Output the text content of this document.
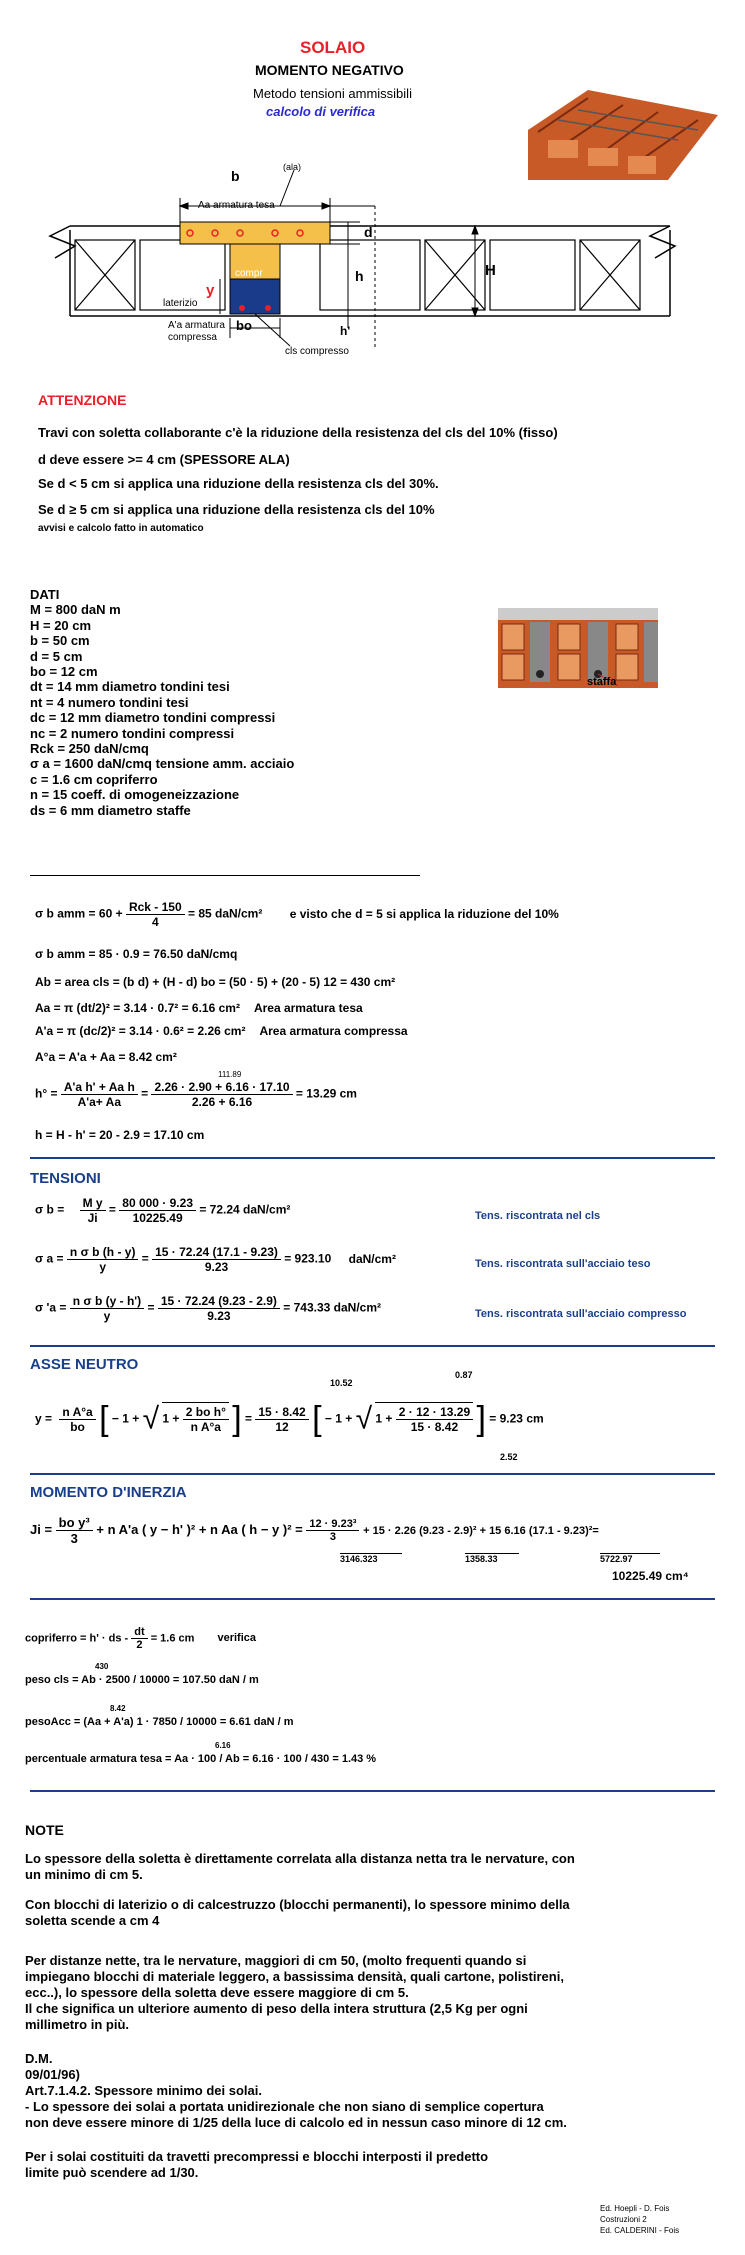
SOLAIO
MOMENTO NEGATIVO
Metodo tensioni ammissibili
calcolo di verifica
compr
b
(ala)
Aa armatura tesa
d
h	H
y
laterizio
A'a armatura
compressa
bo	h'
cls compresso
ATTENZIONE
Travi con soletta collaborante c'è la riduzione della resistenza del cls del 10% (fisso)
d deve essere >= 4 cm (SPESSORE ALA)
Se d < 5 cm si applica una riduzione della resistenza cls del 30%.
Se d ≥ 5 cm si applica una riduzione della resistenza cls del 10%
avvisi e calcolo fatto in automatico
DATI
M = 800 daN m
H = 20 cm
b = 50 cm
d = 5 cm
bo = 12 cm
dt = 14 mm diametro tondini tesi
nt = 4 numero tondini tesi
dc = 12 mm diametro tondini compressi
nc = 2 numero tondini compressi
Rck = 250 daN/cmq
σ a = 1600 daN/cmq tensione amm. acciaio
c = 1.6 cm copriferro
n = 15 coeff. di omogeneizzazione
ds = 6 mm diametro staffe
staffa
σ b amm = $60 + \frac{\text{Rck - 150}}{4} = 85$ daN/cm² e visto che d = 5 si applica la riduzione del 10%
σ b amm = 85 · 0.9 = 76.50 daN/cmq
Ab = area cls = (b d) + (H - d) bo = (50 · 5) + (20 - 5) 12 = 430 cm²
Aa = π (dt/2)² = 3.14 · 0.7² = 6.16 cm² Area armatura tesa
A'a = π (dc/2)² = 3.14 · 0.6² = 2.26 cm² Area armatura compressa
A°a = A'a + Aa = 8.42 cm²
$h^\circ = \frac{\text{A'a h' + Aa h}}{A'a+ Aa} = \frac{2.26 \cdot 2.90 + 6.16 \cdot 17.10}{2.26 + 6.16} = 13.29$ cm
111.89
h = H - h' = 20 - 2.9 = 17.10 cm
TENSIONI
σ $b = \frac{\text{M y}}{Ji} = \frac{80 000 \cdot 9.23}{10225.49} = 72.24$ daN/cm²	Tens. riscontrata nel cls
σ $a = \frac{\text{n σ b (h - y)}}{y} = \frac{15 \cdot 72.24 (17.1 - 9.23)}{9.23} = 923.10$ daN/cm²	Tens. riscontrata sull'acciaio teso
σ '$a = \frac{\text{n σ b (y - h')}}{y} = \frac{15 \cdot 72.24 (9.23 - 2.9)}{9.23} = 743.33$ daN/cm²	Tens. riscontrata sull'acciaio compresso
ASSE NEUTRO
$y = \frac{\text{n A°a}}{bo}$ [ − 1 + √ $1 + \frac{\text{2 bo h°}}{\text{n A°a}}$ ] = $\frac{15 \cdot 8.42}{12}$ [ − 1 + √ $1 + \frac{2 \cdot 12 \cdot 13.29}{15 \cdot 8.42}$ ] = 9.23 cm
10.52
0.87
2.52
MOMENTO D'INERZIA
$Ji = \frac{\text{bo y³}}{3} + n$ A'a ( y − h' )² + n Aa ( h − y )$^2 = \frac{\text{12 · 9.23³}}{3} + 15 \cdot 2.26$ (9.23 - 2.9)² + 15 6.16 (17.1 - 9.23)²=
3146.323	1358.33	5722.97
10225.49 cm⁴
copriferro = h' · ds - $\frac{dt}{2} = 1.6$ cm verifica
430
peso cls = Ab · 2500 / 10000 = 107.50 daN / m
8.42
pesoAcc = (Aa + A'a) 1 · 7850 / 10000 = 6.61 daN / m
6.16
percentuale armatura tesa = Aa · 100 / Ab = 6.16 · 100 / 430 = 1.43 %

NOTE

Lo spessore della soletta è direttamente correlata alla distanza netta tra le nervature, con un minimo di cm 5.

Con blocchi di laterizio o di calcestruzzo (blocchi permanenti), lo spessore minimo della soletta scende a cm 4

Per distanze nette, tra le nervature, maggiori di cm 50, (molto frequenti quando si impiegano blocchi di materiale leggero, a bassissima densità, quali cartone, polistireni, ecc..), lo spessore della soletta deve essere maggiore di cm 5.

Il che significa un ulteriore aumento di peso della intera struttura (2,5 Kg per ogni millimetro in più.

D.M.

09/01/96)

Art.7.1.4.2. Spessore minimo dei solai.

- Lo spessore dei solai a portata unidirezionale che non siano di semplice copertura

non deve essere minore di 1/25 della luce di calcolo ed in nessun caso minore di 12 cm.

Per i solai costituiti da travetti precompressi e blocchi interposti il predetto limite può scendere ad 1/30.

Ed. Hoepli - D. Fois
Costruzioni 2
Ed. CALDERINI - Fois
